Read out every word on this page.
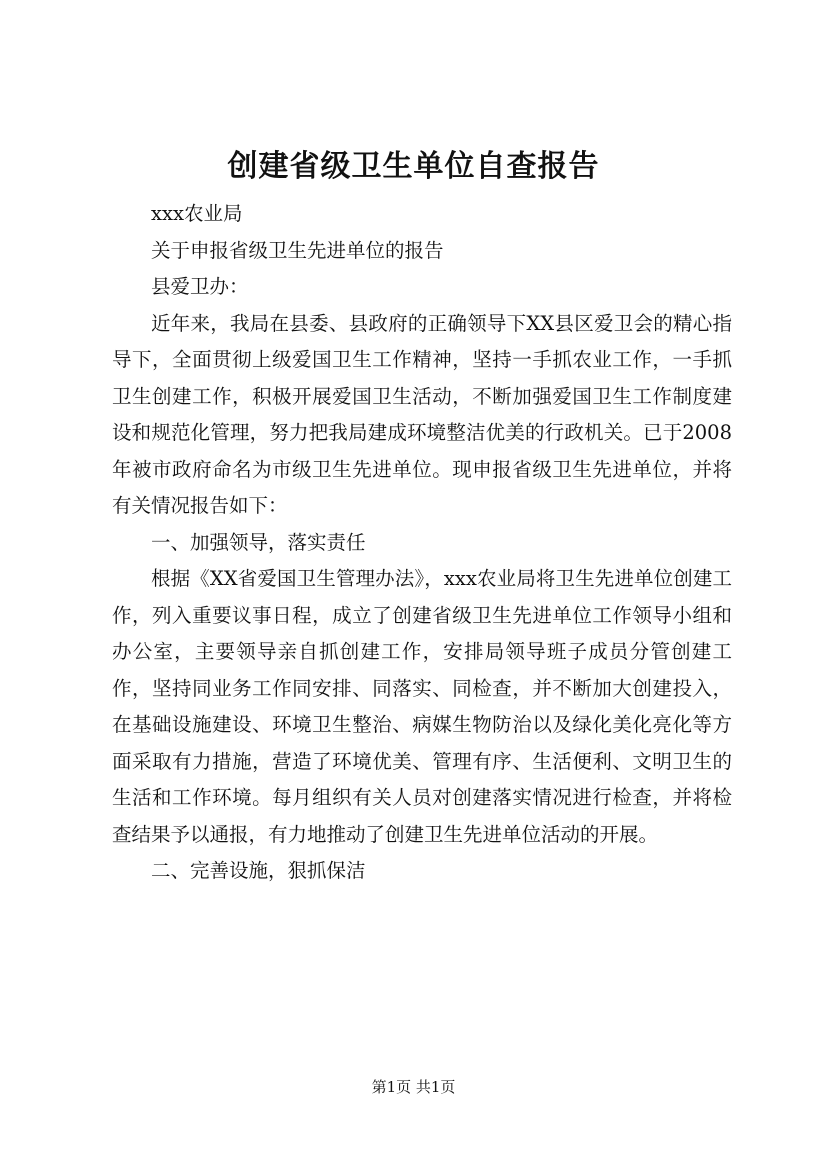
创建省级卫生单位自查报告

xxx农业局

关于申报省级卫生先进单位的报告

县爱卫办：

近年来，我局在县委、县政府的正确领导下XX县区爱卫会的精心指导下，全面贯彻上级爱国卫生工作精神，坚持一手抓农业工作，一手抓卫生创建工作，积极开展爱国卫生活动，不断加强爱国卫生工作制度建设和规范化管理，努力把我局建成环境整洁优美的行政机关。已于2008年被市政府命名为市级卫生先进单位。现申报省级卫生先进单位，并将有关情况报告如下：

一、加强领导，落实责任

根据《XX省爱国卫生管理办法》，xxx农业局将卫生先进单位创建工作，列入重要议事日程，成立了创建省级卫生先进单位工作领导小组和办公室，主要领导亲自抓创建工作，安排局领导班子成员分管创建工作，坚持同业务工作同安排、同落实、同检查，并不断加大创建投入，在基础设施建设、环境卫生整治、病媒生物防治以及绿化美化亮化等方面采取有力措施，营造了环境优美、管理有序、生活便利、文明卫生的生活和工作环境。每月组织有关人员对创建落实情况进行检查，并将检查结果予以通报，有力地推动了创建卫生先进单位活动的开展。

二、完善设施，狠抓保洁

第1页 共1页
